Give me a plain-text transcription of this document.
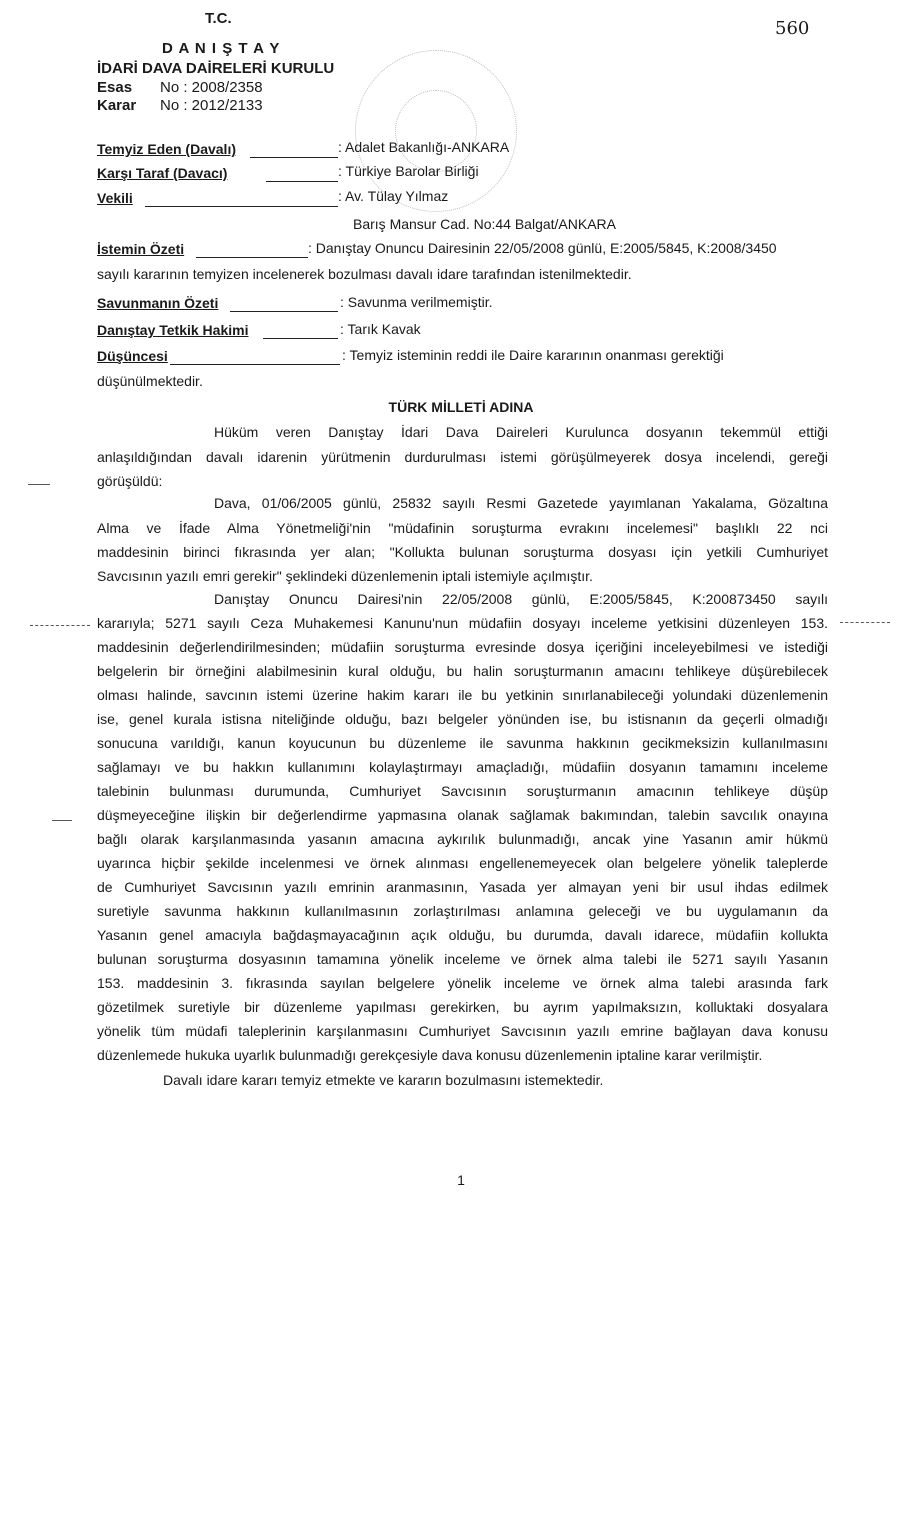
T.C.
D A N I Ş T A Y
İDARİ DAVA DAİRELERİ KURULU
Esas No : 2008/2358
Karar No : 2012/2133
560
Temyiz Eden (Davalı)	: Adalet Bakanlığı-ANKARA
Karşı Taraf (Davacı)	: Türkiye Barolar Birliği
Vekili	: Av. Tülay Yılmaz
Barış Mansur Cad. No:44 Balgat/ANKARA
İstemin Özeti	: Danıştay Onuncu Dairesinin 22/05/2008 günlü, E:2005/5845, K:2008/3450
sayılı kararının temyizen incelenerek bozulması davalı idare tarafından istenilmektedir.
Savunmanın Özeti	: Savunma verilmemiştir.
Danıştay Tetkik Hakimi	: Tarık Kavak
Düşüncesi	: Temyiz isteminin reddi ile Daire kararının onanması gerektiği
düşünülmektedir.
TÜRK MİLLETİ ADINA
Hüküm veren Danıştay İdari Dava Daireleri Kurulunca dosyanın tekemmül ettiği
anlaşıldığından davalı idarenin yürütmenin durdurulması istemi görüşülmeyerek dosya incelendi, gereği
görüşüldü:
Dava, 01/06/2005 günlü, 25832 sayılı Resmi Gazetede yayımlanan Yakalama, Gözaltına
Alma ve İfade Alma Yönetmeliği'nin "müdafinin soruşturma evrakını incelemesi" başlıklı 22 nci
maddesinin birinci fıkrasında yer alan; "Kollukta bulunan soruşturma dosyası için yetkili Cumhuriyet
Savcısının yazılı emri gerekir" şeklindeki düzenlemenin iptali istemiyle açılmıştır.
Danıştay Onuncu Dairesi'nin 22/05/2008 günlü, E:2005/5845, K:200873450 sayılı
kararıyla; 5271 sayılı Ceza Muhakemesi Kanunu'nun müdafiin dosyayı inceleme yetkisini düzenleyen 153.
maddesinin değerlendirilmesinden; müdafiin soruşturma evresinde dosya içeriğini inceleyebilmesi ve istediği
belgelerin bir örneğini alabilmesinin kural olduğu, bu halin soruşturmanın amacını tehlikeye düşürebilecek
olması halinde, savcının istemi üzerine hakim kararı ile bu yetkinin sınırlanabileceği yolundaki düzenlemenin
ise, genel kurala istisna niteliğinde olduğu, bazı belgeler yönünden ise, bu istisnanın da geçerli olmadığı
sonucuna varıldığı, kanun koyucunun bu düzenleme ile savunma hakkının gecikmeksizin kullanılmasını
sağlamayı ve bu hakkın kullanımını kolaylaştırmayı amaçladığı, müdafiin dosyanın tamamını inceleme
talebinin bulunması durumunda, Cumhuriyet Savcısının soruşturmanın amacının tehlikeye düşüp
düşmeyeceğine ilişkin bir değerlendirme yapmasına olanak sağlamak bakımından, talebin savcılık onayına
bağlı olarak karşılanmasında yasanın amacına aykırılık bulunmadığı, ancak yine Yasanın amir hükmü
uyarınca hiçbir şekilde incelenmesi ve örnek alınması engellenemeyecek olan belgelere yönelik taleplerde
de Cumhuriyet Savcısının yazılı emrinin aranmasının, Yasada yer almayan yeni bir usul ihdas edilmek
suretiyle savunma hakkının kullanılmasının zorlaştırılması anlamına geleceği ve bu uygulamanın da
Yasanın genel amacıyla bağdaşmayacağının açık olduğu, bu durumda, davalı idarece, müdafiin kollukta
bulunan soruşturma dosyasının tamamına yönelik inceleme ve örnek alma talebi ile 5271 sayılı Yasanın
153. maddesinin 3. fıkrasında sayılan belgelere yönelik inceleme ve örnek alma talebi arasında fark
gözetilmek suretiyle bir düzenleme yapılması gerekirken, bu ayrım yapılmaksızın, kolluktaki dosyalara
yönelik tüm müdafi taleplerinin karşılanmasını Cumhuriyet Savcısının yazılı emrine bağlayan dava konusu
düzenlemede hukuka uyarlık bulunmadığı gerekçesiyle dava konusu düzenlemenin iptaline karar verilmiştir.
Davalı idare kararı temyiz etmekte ve kararın bozulmasını istemektedir.
1
